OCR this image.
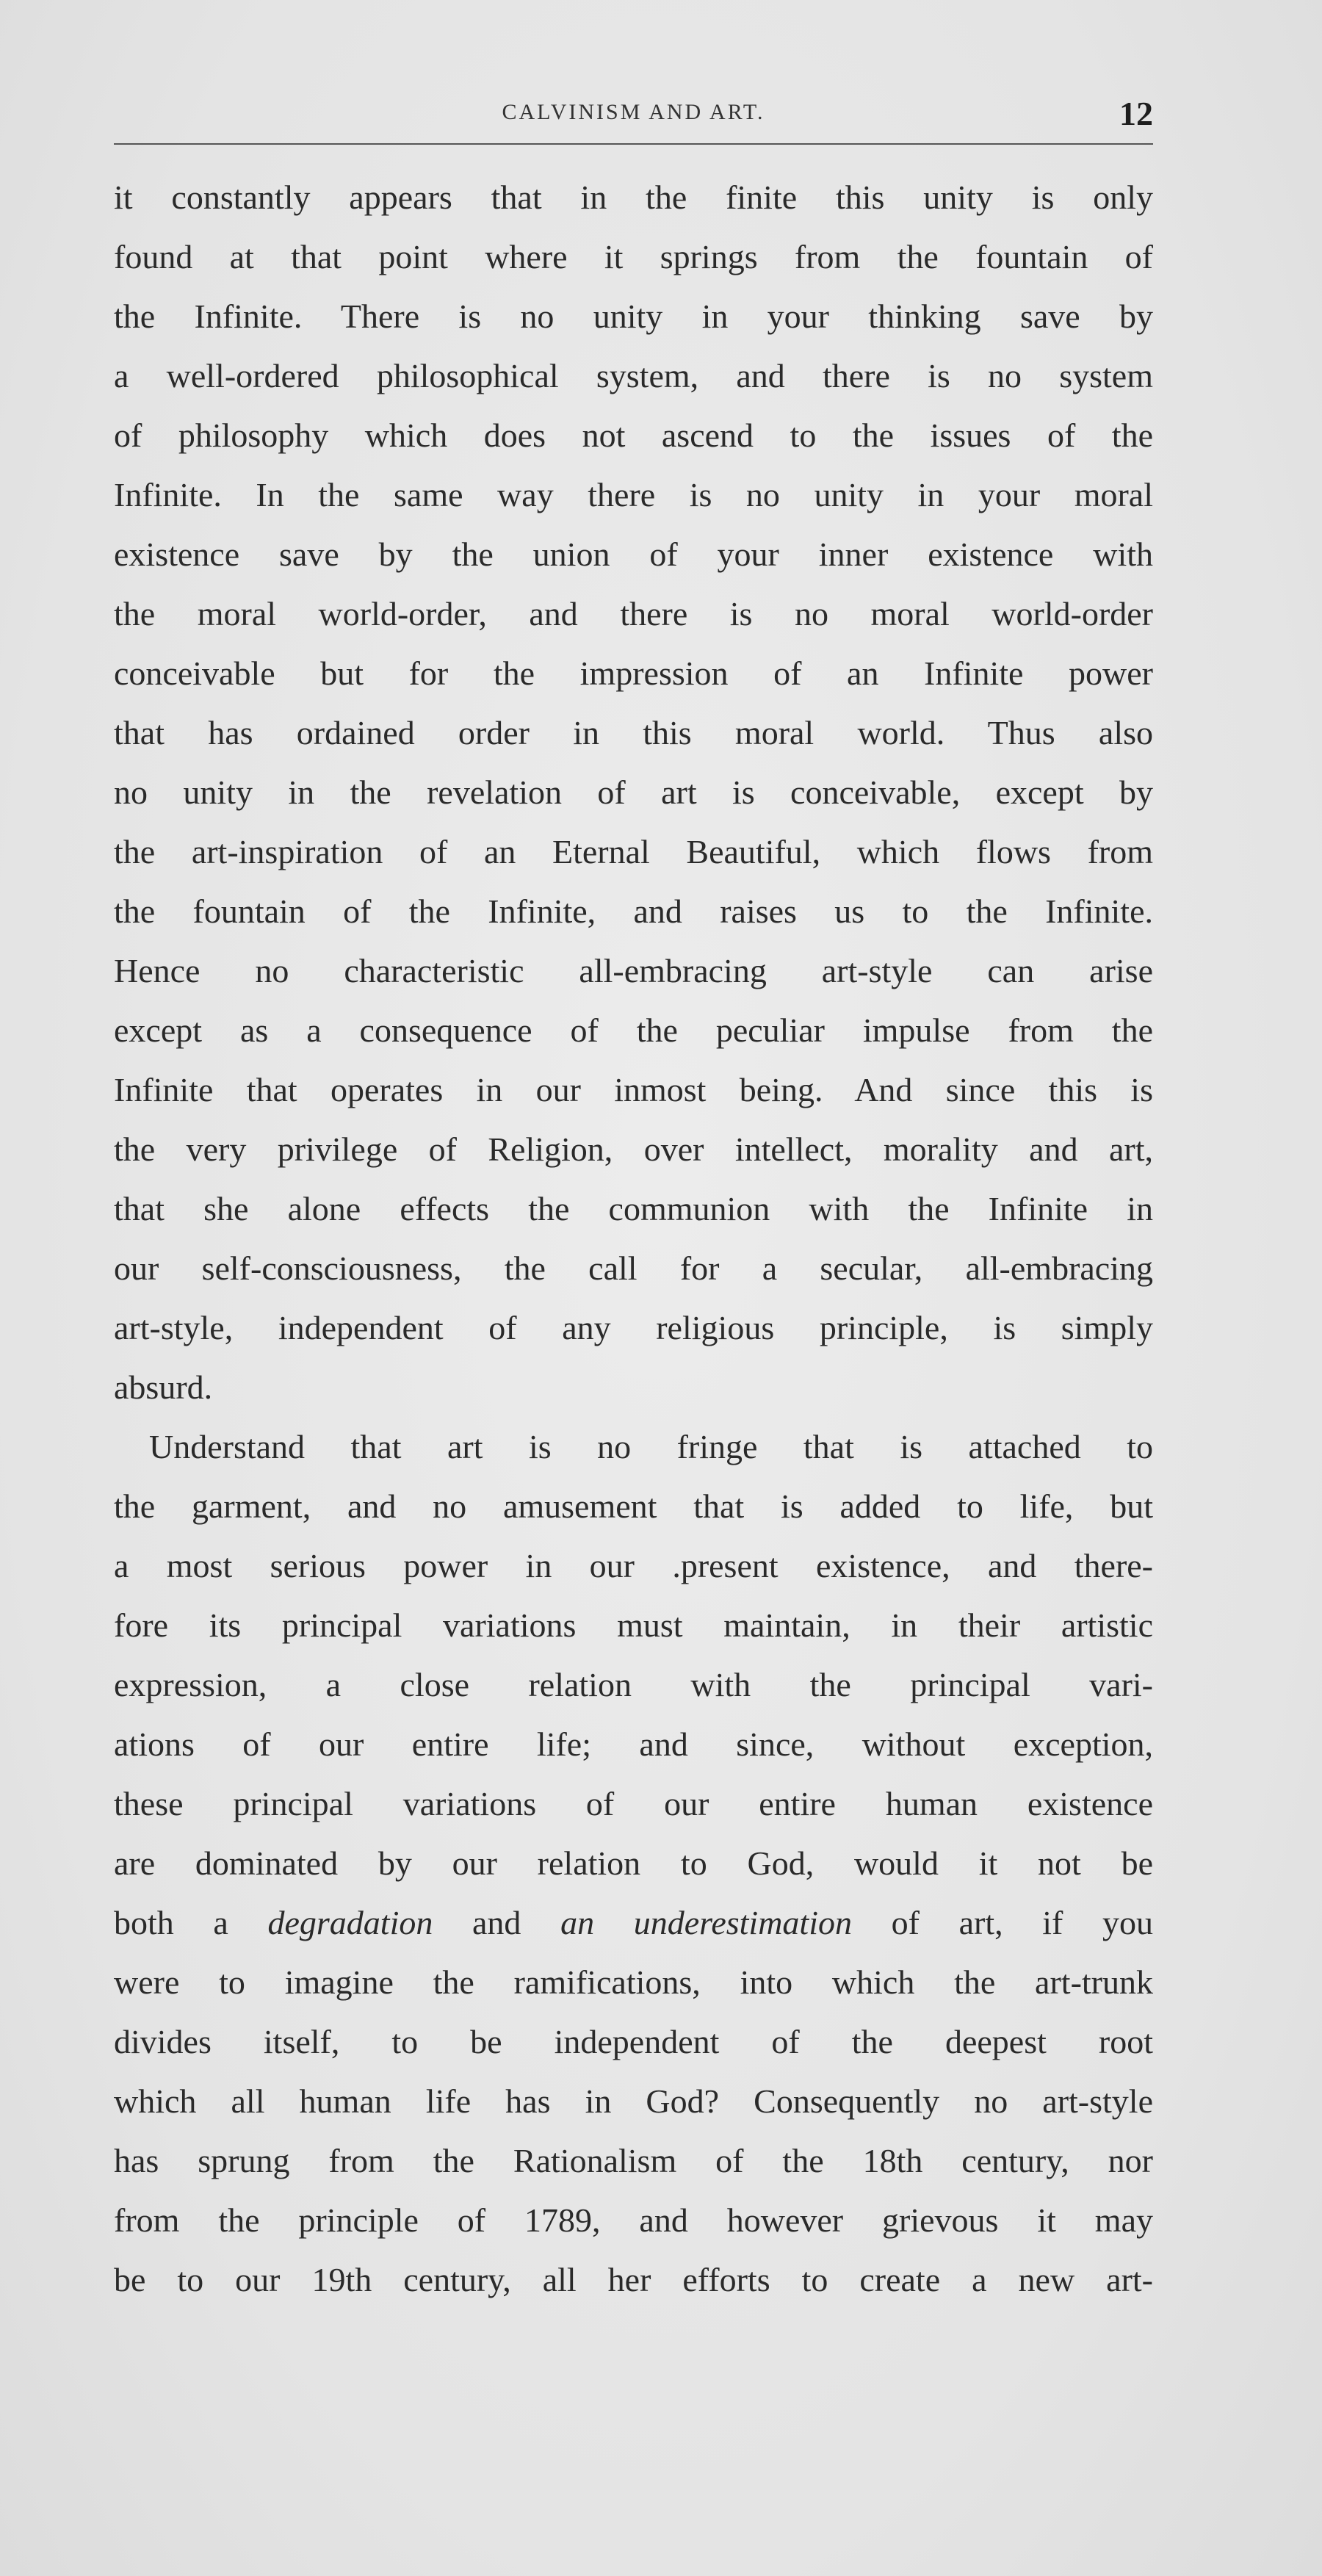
CALVINISM AND ART.	12
it constantly appears that in the finite this unity is only
found at that point where it springs from the fountain of
the Infinite. There is no unity in your thinking save by
a well-ordered philosophical system, and there is no system
of philosophy which does not ascend to the issues of the
Infinite. In the same way there is no unity in your moral
existence save by the union of your inner existence with
the moral world-order, and there is no moral world-order
conceivable but for the impression of an Infinite power
that has ordained order in this moral world. Thus also
no unity in the revelation of art is conceivable, except by
the art-inspiration of an Eternal Beautiful, which flows from
the fountain of the Infinite, and raises us to the Infinite.
Hence no characteristic all-embracing art-style can arise
except as a consequence of the peculiar impulse from the
Infinite that operates in our inmost being. And since this is
the very privilege of Religion, over intellect, morality and art,
that she alone effects the communion with the Infinite in
our self-consciousness, the call for a secular, all-embracing
art-style, independent of any religious principle, is simply
absurd.
Understand that art is no fringe that is attached to
the garment, and no amusement that is added to life, but
a most serious power in our .present existence, and there-
fore its principal variations must maintain, in their artistic
expression, a close relation with the principal vari-
ations of our entire life; and since, without exception,
these principal variations of our entire human existence
are dominated by our relation to God, would it not be
both a degradation and an underestimation of art, if you
were to imagine the ramifications, into which the art-trunk
divides itself, to be independent of the deepest root
which all human life has in God? Consequently no art-style
has sprung from the Rationalism of the 18th century, nor
from the principle of 1789, and however grievous it may
be to our 19th century, all her efforts to create a new art-
